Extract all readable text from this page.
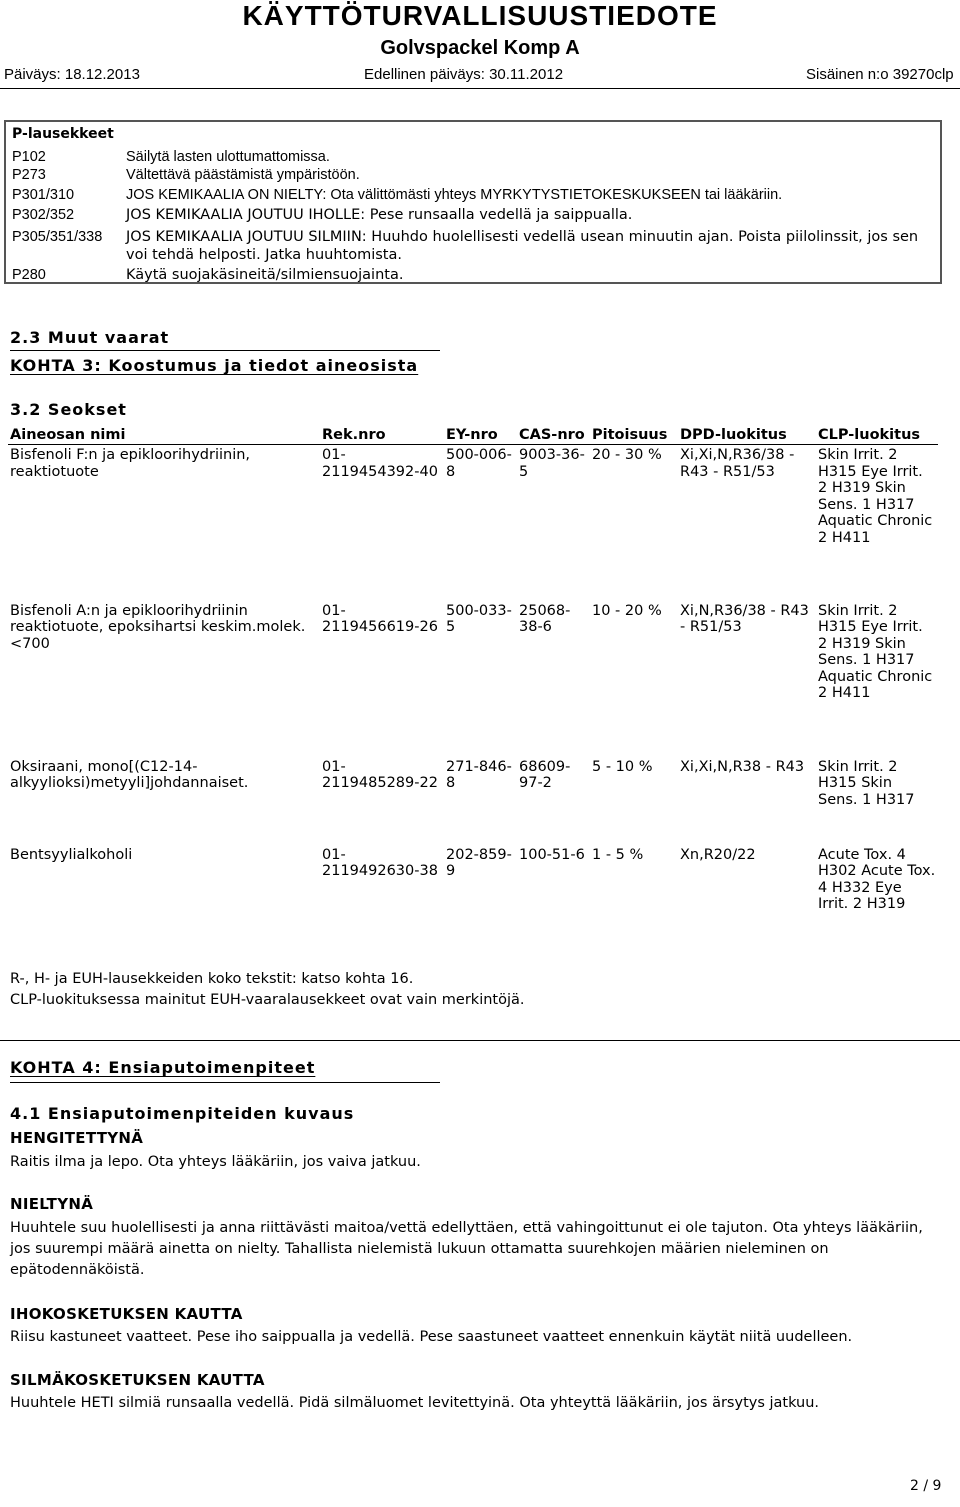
KÄYTTÖTURVALLISUUSTIEDOTE
Golvspackel Komp A
Päiväys: 18.12.2013	Edellinen päiväys: 30.11.2012	Sisäinen n:o 39270clp
P-lausekkeet
P102	Säilytä lasten ulottumattomissa.
P273	Vältettävä päästämistä ympäristöön.
P301/310	JOS KEMIKAALIA ON NIELTY: Ota välittömästi yhteys MYRKYTYSTIETOKESKUKSEEN tai lääkäriin.
P302/352	JOS KEMIKAALIA JOUTUU IHOLLE: Pese runsaalla vedellä ja saippualla.
P305/351/338 JOS KEMIKAALIA JOUTUU SILMIIN: Huuhdo huolellisesti vedellä usean minuutin ajan. Poista piilolinssit, jos sen voi tehdä helposti. Jatka huuhtomista.
P280	Käytä suojakäsineitä/silmiensuojainta.
2.3 Muut vaarat
KOHTA 3: Koostumus ja tiedot aineosista
3.2 Seokset
Aineosan nimi	Rek.nro	EY-nro	CAS-nro	Pitoisuus	DPD-luokitus	CLP-luokitus
Bisfenoli F:n ja epikloorihydriinin, reaktiotuote	01-2119454392-40	500-006-8	9003-36-5	20 - 30 %	Xi,Xi,N,R36/38 - R43 - R51/53	Skin Irrit. 2 H315 Eye Irrit. 2 H319 Skin Sens. 1 H317 Aquatic Chronic 2 H411
Bisfenoli A:n ja epikloorihydriinin reaktiotuote, epoksihartsi keskim.molek.<700	01-2119456619-26	500-033-5	25068-38-6	10 - 20 %	Xi,N,R36/38 - R43 - R51/53	Skin Irrit. 2 H315 Eye Irrit. 2 H319 Skin Sens. 1 H317 Aquatic Chronic 2 H411
Oksiraani, mono[(C12-14-alkyylioksi)metyyli]johdannaiset.	01-2119485289-22	271-846-8	68609-97-2	5 - 10 %	Xi,Xi,N,R38 - R43	Skin Irrit. 2 H315 Skin Sens. 1 H317
Bentsyylialkoholi	01-2119492630-38	202-859-9	100-51-6	1 - 5 %	Xn,R20/22	Acute Tox. 4 H302 Acute Tox. 4 H332 Eye Irrit. 2 H319
R-, H- ja EUH-lausekkeiden koko tekstit: katso kohta 16.
CLP-luokituksessa mainitut EUH-vaaralausekkeet ovat vain merkintöjä.
KOHTA 4: Ensiaputoimenpiteet
4.1 Ensiaputoimenpiteiden kuvaus
HENGITETTYNÄ
Raitis ilma ja lepo. Ota yhteys lääkäriin, jos vaiva jatkuu.
NIELTYNÄ
Huuhtele suu huolellisesti ja anna riittävästi maitoa/vettä edellyttäen, että vahingoittunut ei ole tajuton. Ota yhteys lääkäriin, jos suurempi määrä ainetta on nielty. Tahallista nielemistä lukuun ottamatta suurehkojen määrien nieleminen on epätodennäköistä.
IHOKOSKETUKSEN KAUTTA
Riisu kastuneet vaatteet. Pese iho saippualla ja vedellä. Pese saastuneet vaatteet ennenkuin käytät niitä uudelleen.
SILMÄKOSKETUKSEN KAUTTA
Huuhtele HETI silmiä runsaalla vedellä. Pidä silmäluomet levitettyinä. Ota yhteyttä lääkäriin, jos ärsytys jatkuu.
2 / 9
